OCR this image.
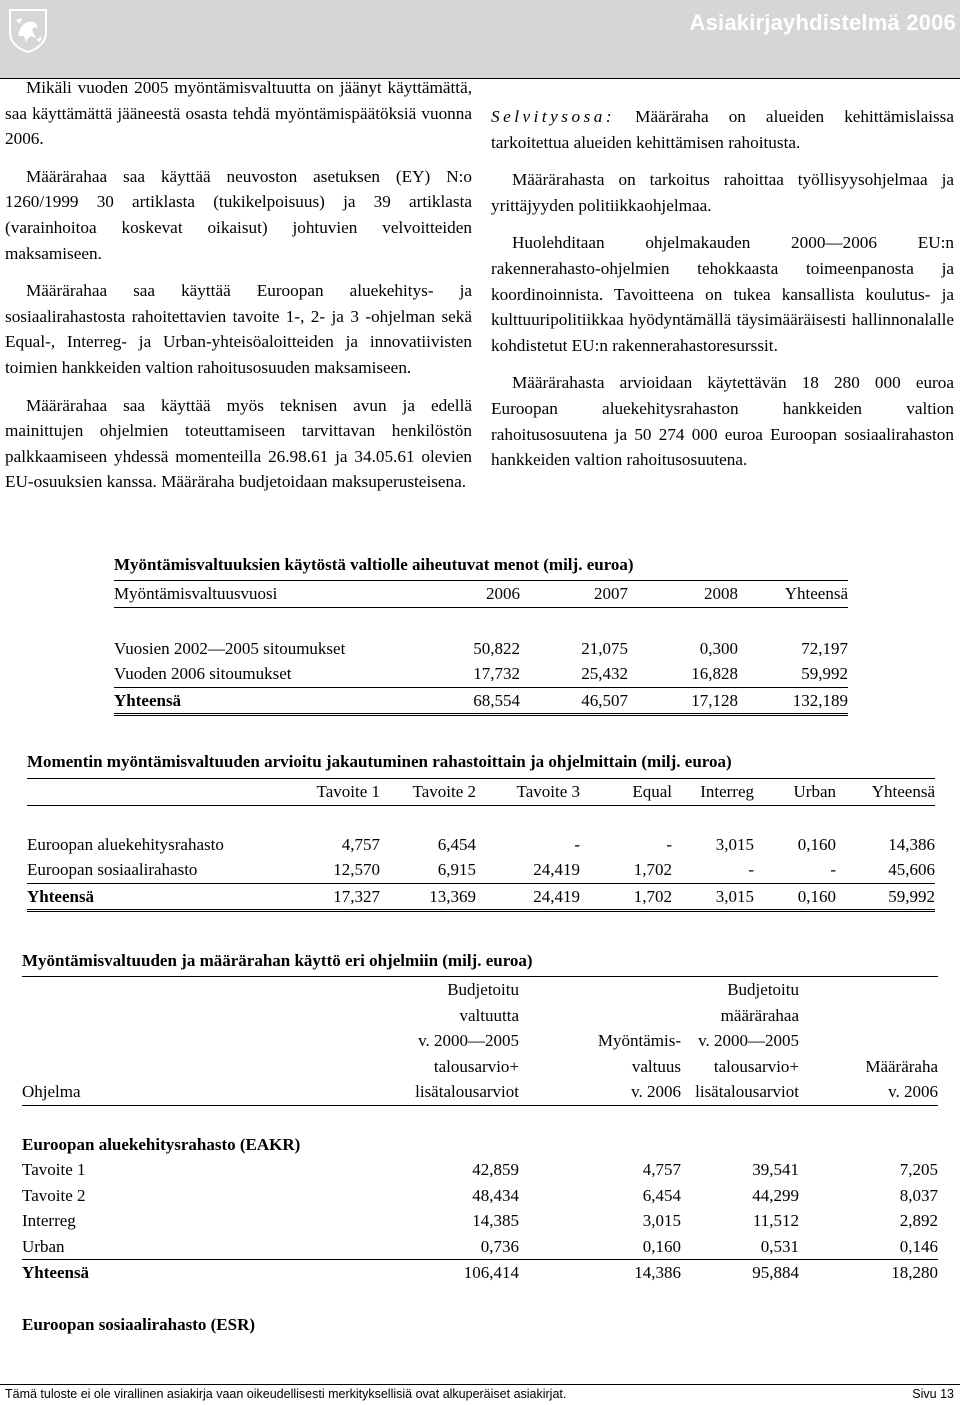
Asiakirjayhdistelmä 2006

Mikäli vuoden 2005 myöntämisvaltuutta on jäänyt käyttämättä, saa käyttämättä jääneestä osasta tehdä myöntämispäätöksiä vuonna 2006.

Määrärahaa saa käyttää neuvoston asetuksen (EY) N:o 1260/1999 30 artiklasta (tukikelpoisuus) ja 39 artiklasta (varainhoitoa koskevat oikaisut) johtuvien velvoitteiden maksamiseen.

Määrärahaa saa käyttää Euroopan aluekehitys- ja sosiaalirahastosta rahoitettavien tavoite 1-, 2- ja 3 -ohjelman sekä Equal-, Interreg- ja Urban-yhteisöaloitteiden ja innovatiivisten toimien hankkeiden valtion rahoitusosuuden maksamiseen.

Määrärahaa saa käyttää myös teknisen avun ja edellä mainittujen ohjelmien toteuttamiseen tarvittavan henkilöstön palkkaamiseen yhdessä momenteilla 26.98.61 ja 34.05.61 olevien EU-osuuksien kanssa. Määräraha budjetoidaan maksuperusteisena.

Selvitysosa: Määräraha on alueiden kehittämislaissa tarkoitettua alueiden kehittämisen rahoitusta.

Määrärahasta on tarkoitus rahoittaa työllisyysohjelmaa ja yrittäjyyden politiikkaohjelmaa.

Huolehditaan ohjelmakauden 2000—2006 EU:n rakennerahasto-ohjelmien tehokkaasta toimeenpanosta ja koordinoinnista. Tavoitteena on tukea kansallista koulutus- ja kulttuuripolitiikkaa hyödyntämällä täysimääräisesti hallinnonalalle kohdistetut EU:n rakennerahastoresurssit.

Määrärahasta arvioidaan käytettävän 18 280 000 euroa Euroopan aluekehitysrahaston hankkeiden valtion rahoitusosuutena ja 50 274 000 euroa Euroopan sosiaalirahaston hankkeiden valtion rahoitusosuutena.

Myöntämisvaltuuksien käytöstä valtiolle aiheutuvat menot (milj. euroa)
Myöntämisvaltuusvuosi	2006	2007	2008	Yhteensä

Vuosien 2002—2005 sitoumukset	50,822	21,075	0,300	72,197
Vuoden 2006 sitoumukset	17,732	25,432	16,828	59,992
Yhteensä	68,554	46,507	17,128	132,189
Momentin myöntämisvaltuuden arvioitu jakautuminen rahastoittain ja ohjelmittain (milj. euroa)
	Tavoite 1	Tavoite 2	Tavoite 3	Equal	Interreg	Urban	Yhteensä

Euroopan aluekehitysrahasto	4,757	6,454	-	-	3,015	0,160	14,386
Euroopan sosiaalirahasto	12,570	6,915	24,419	1,702	-	-	45,606
Yhteensä	17,327	13,369	24,419	1,702	3,015	0,160	59,992
Myöntämisvaltuuden ja määrärahan käyttö eri ohjelmiin (milj. euroa)
	Budjetoitu		Budjetoitu	
	valtuutta		määrärahaa	
	v. 2000—2005	Myöntämis-	v. 2000—2005	
	talousarvio+	valtuus	talousarvio+	Määräraha
Ohjelma	lisätalousarviot	v. 2006	lisätalousarviot	v. 2006

Euroopan aluekehitysrahasto (EAKR)				
Tavoite 1	42,859	4,757	39,541	7,205
Tavoite 2	48,434	6,454	44,299	8,037
Interreg	14,385	3,015	11,512	2,892
Urban	0,736	0,160	0,531	0,146
Yhteensä	106,414	14,386	95,884	18,280

Euroopan sosiaalirahasto (ESR)				
Tämä tuloste ei ole virallinen asiakirja vaan oikeudellisesti merkityksellisiä ovat alkuperäiset asiakirjat.	Sivu 13
